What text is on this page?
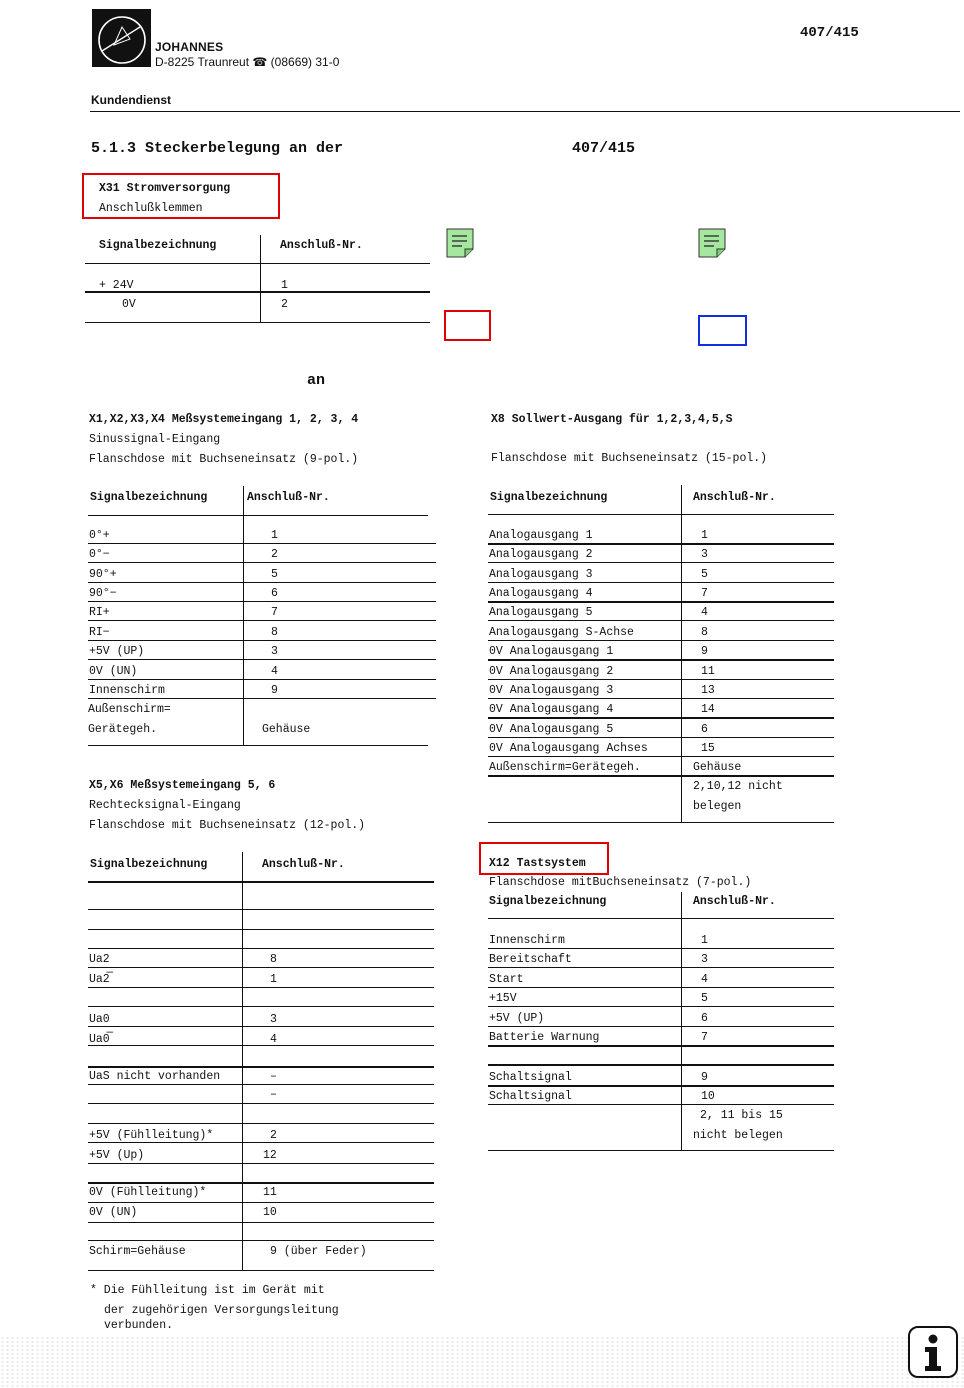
JOHANNES
D-8225 Traunreut ☎ (08669) 31-0
407/415
Kundendienst
5.1.3 Steckerbelegung an der	407/415
an
X31 Stromversorgung
Anschlußklemmen
Signalbezeichnung	Anschluß-Nr.
+ 24V	1
0V	2
X1,X2,X3,X4 Meßsystemeingang 1, 2, 3, 4
Sinussignal-Eingang
Flanschdose mit Buchseneinsatz (9-pol.)
Signalbezeichnung	Anschluß-Nr.
0°+	1
0°−	2
90°+	5
90°−	6
RI+	7
RI−	8
+5V (UP)	3
0V (UN)	4
Innenschirm	9
Außenschirm=
Gerätegeh.	Gehäuse
X5,X6 Meßsystemeingang 5, 6
Rechtecksignal-Eingang
Flanschdose mit Buchseneinsatz (12-pol.)
Signalbezeichnung	Anschluß-Nr.
Ua2	8
Ua2̅	1
Ua0	3
Ua0̅	4
UaS nicht vorhanden	–
–
+5V (Fühlleitung)*	2
+5V (Up)	12
0V (Fühlleitung)*	11
0V (UN)	10
Schirm=Gehäuse	9 (über Feder)
* Die Fühlleitung ist im Gerät mit
der zugehörigen Versorgungsleitung
verbunden.
X8 Sollwert-Ausgang für 1,2,3,4,5,S
Flanschdose mit Buchseneinsatz (15-pol.)
Signalbezeichnung	Anschluß-Nr.
Analogausgang 1	1
Analogausgang 2	3
Analogausgang 3	5
Analogausgang 4	7
Analogausgang 5	4
Analogausgang S-Achse	8
0V Analogausgang 1	9
0V Analogausgang 2	11
0V Analogausgang 3	13
0V Analogausgang 4	14
0V Analogausgang 5	6
0V Analogausgang Achses	15
Außenschirm=Gerätegeh.	Gehäuse
2,10,12 nicht
belegen
X12 Tastsystem
Flanschdose mitBuchseneinsatz (7-pol.)
Signalbezeichnung	Anschluß-Nr.
Innenschirm	1
Bereitschaft	3
Start	4
+15V	5
+5V (UP)	6
Batterie Warnung	7
Schaltsignal	9
Schaltsignal	10
2, 11 bis 15
nicht belegen
